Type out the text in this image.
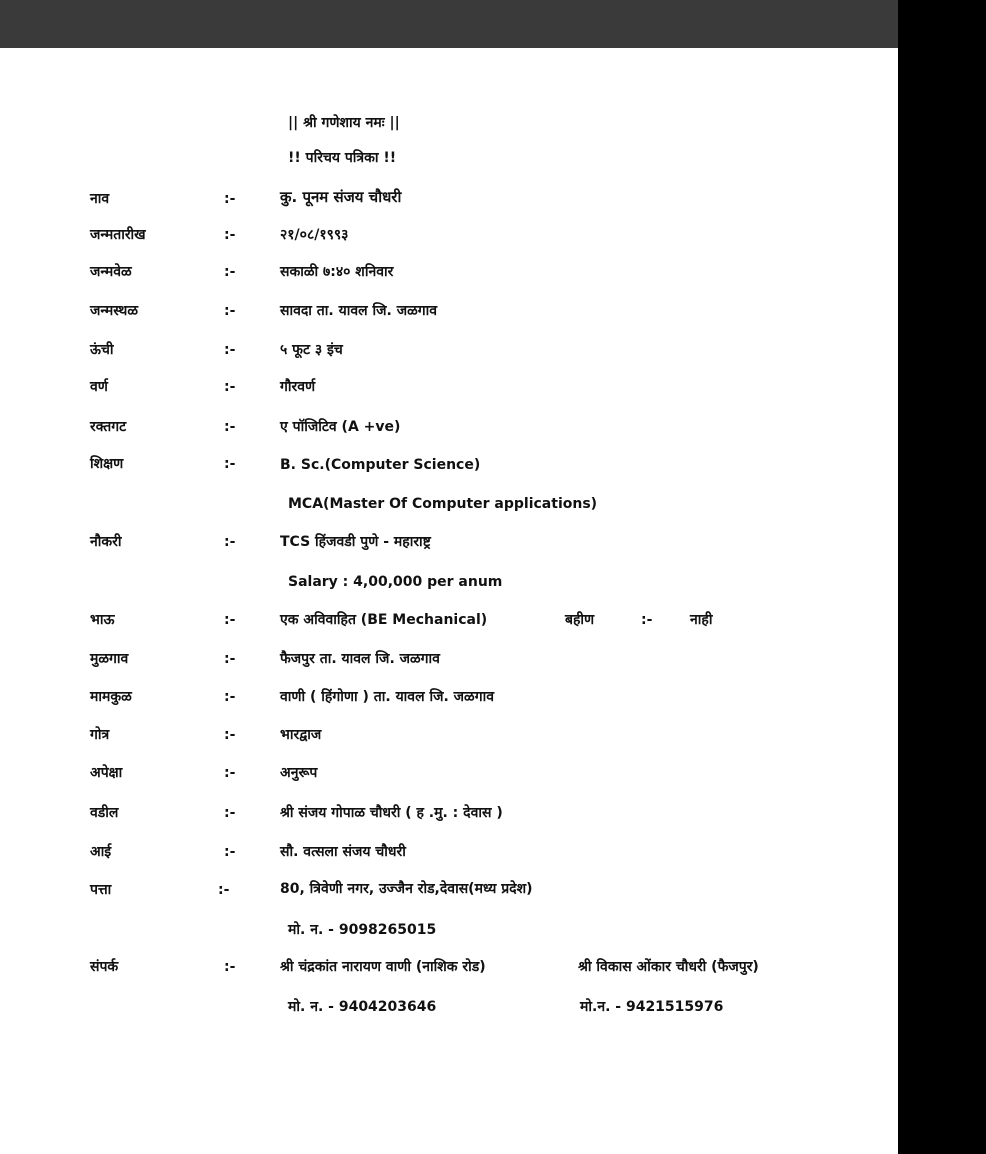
|| श्री गणेशाय नमः ||
!! परिचय पत्रिका !!
नाव	:-	कु. पूनम संजय चौधरी
जन्मतारीख	:-	२१/०८/१९९३
जन्मवेळ	:-	सकाळी ७:४० शनिवार
जन्मस्थळ	:-	सावदा ता. यावल जि. जळगाव
ऊंची	:-	५ फूट ३ इंच
वर्ण	:-	गौरवर्ण
रक्तगट	:-	ए पॉजिटिव (A +ve)
शिक्षण	:-	B. Sc.(Computer Science)
MCA(Master Of Computer applications)
नौकरी	:-	TCS हिंजवडी पुणे - महाराष्ट्र
Salary : 4,00,000 per anum
भाऊ	:-	एक अविवाहित (BE Mechanical)	बहीण	:-	नाही
मुळगाव	:-	फैजपुर ता. यावल जि. जळगाव
मामकुळ	:-	वाणी ( हिंगोणा ) ता. यावल जि. जळगाव
गोत्र	:-	भारद्वाज
अपेक्षा	:-	अनुरूप
वडील	:-	श्री संजय गोपाळ चौधरी ( ह .मु. : देवास )
आई	:-	सौ. वत्सला संजय चौधरी
पत्ता	:-	80, त्रिवेणी नगर, उज्जैन रोड,देवास(मध्य प्रदेश)
मो. न. - 9098265015
संपर्क	:-	श्री चंद्रकांत नारायण वाणी (नाशिक रोड)	श्री विकास ओंकार चौधरी (फैजपुर)
मो. न. - 9404203646	मो.न. - 9421515976
